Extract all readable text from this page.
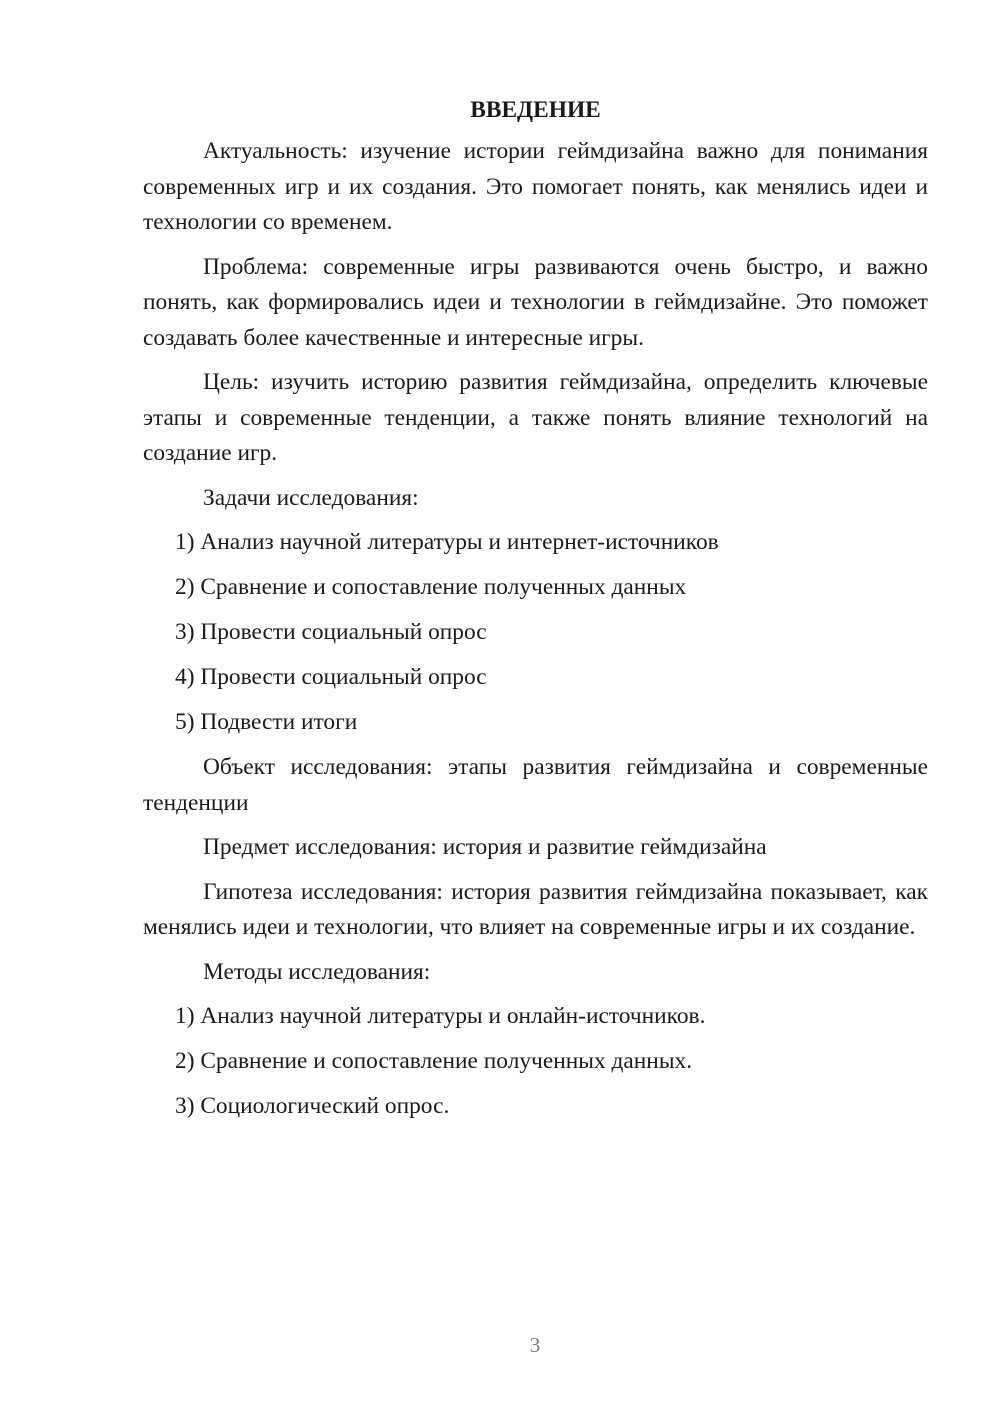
ВВЕДЕНИЕ

Актуальность: изучение истории геймдизайна важно для понимания современных игр и их создания. Это помогает понять, как менялись идеи и технологии со временем.

Проблема: современные игры развиваются очень быстро, и важно понять, как формировались идеи и технологии в геймдизайне. Это поможет создавать более качественные и интересные игры.

Цель: изучить историю развития геймдизайна, определить ключевые этапы и современные тенденции, а также понять влияние технологий на создание игр.

Задачи исследования:

1) Анализ научной литературы и интернет-источников
2) Сравнение и сопоставление полученных данных
3) Провести социальный опрос
4) Провести социальный опрос
5) Подвести итоги

Объект исследования: этапы развития геймдизайна и современные тенденции

Предмет исследования: история и развитие геймдизайна

Гипотеза исследования: история развития геймдизайна показывает, как менялись идеи и технологии, что влияет на современные игры и их создание.

Методы исследования:

1) Анализ научной литературы и онлайн-источников.
2) Сравнение и сопоставление полученных данных.
3) Социологический опрос.
3
